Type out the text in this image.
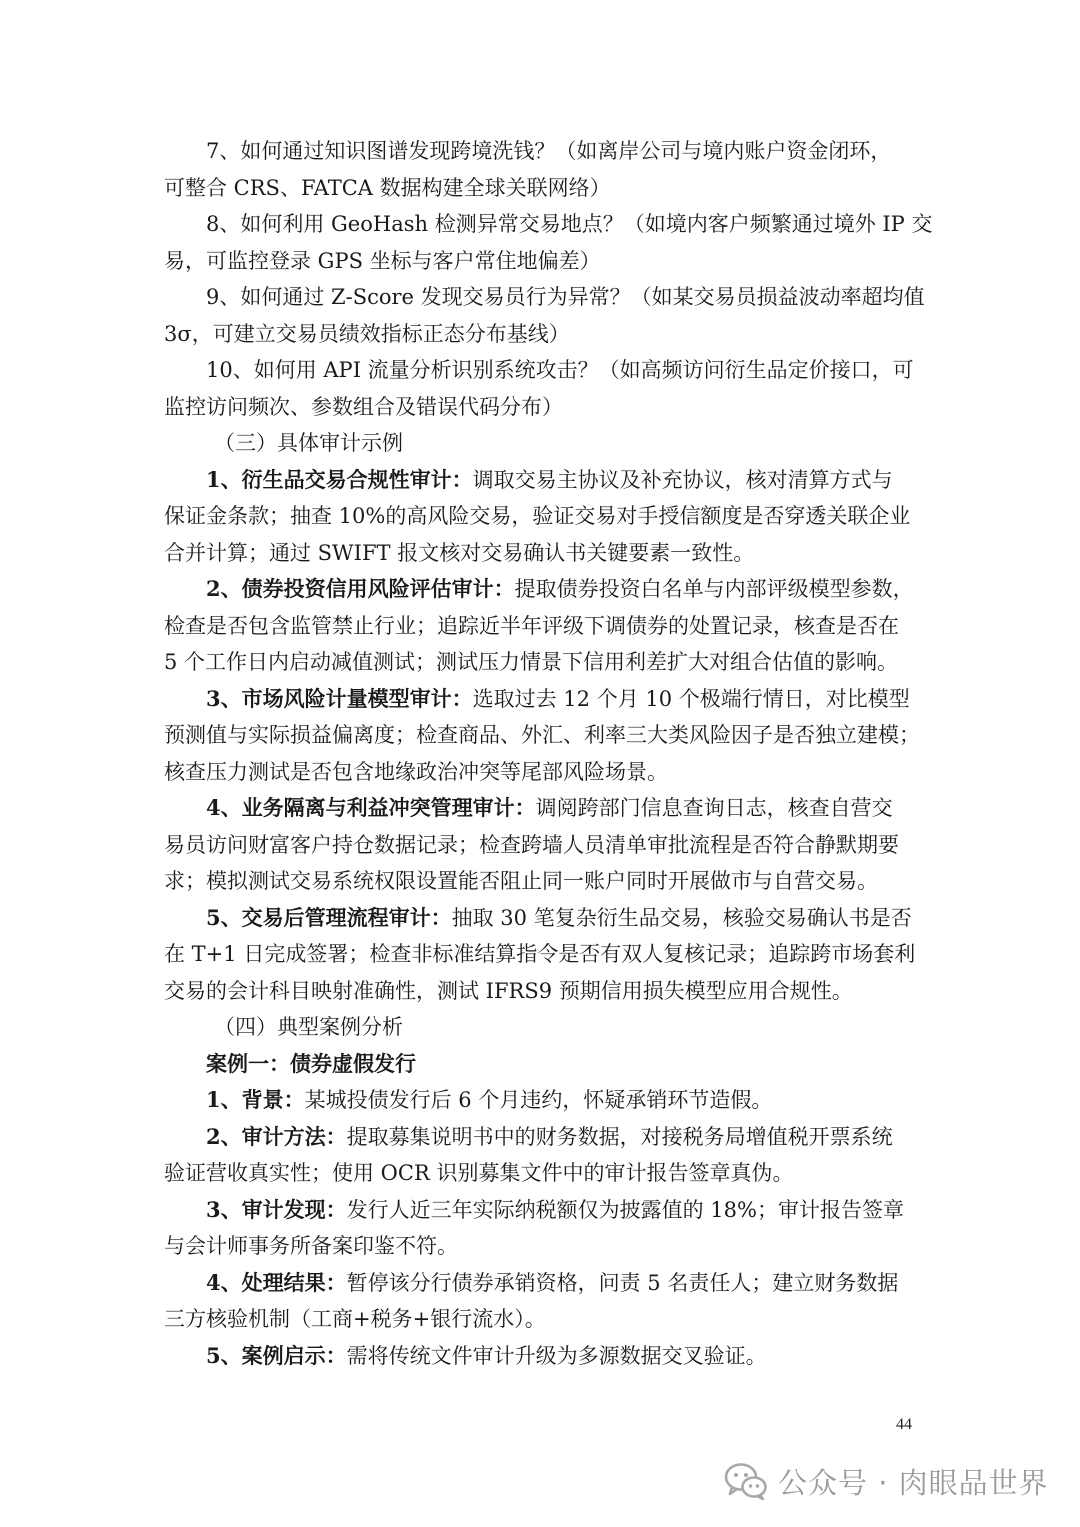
7、如何通过知识图谱发现跨境洗钱？（如离岸公司与境内账户资金闭环，
可整合 CRS、FATCA 数据构建全球关联网络）
8、如何利用 GeoHash 检测异常交易地点？（如境内客户频繁通过境外 IP 交
易，可监控登录 GPS 坐标与客户常住地偏差）
9、如何通过 Z-Score 发现交易员行为异常？（如某交易员损益波动率超均值
3σ，可建立交易员绩效指标正态分布基线）
10、如何用 API 流量分析识别系统攻击？（如高频访问衍生品定价接口，可
监控访问频次、参数组合及错误代码分布）
（三）具体审计示例
1、衍生品交易合规性审计：调取交易主协议及补充协议，核对清算方式与
保证金条款；抽查 10%的高风险交易，验证交易对手授信额度是否穿透关联企业
合并计算；通过 SWIFT 报文核对交易确认书关键要素一致性。
2、债券投资信用风险评估审计：提取债券投资白名单与内部评级模型参数，
检查是否包含监管禁止行业；追踪近半年评级下调债券的处置记录，核查是否在
5 个工作日内启动减值测试；测试压力情景下信用利差扩大对组合估值的影响。
3、市场风险计量模型审计：选取过去 12 个月 10 个极端行情日，对比模型
预测值与实际损益偏离度；检查商品、外汇、利率三大类风险因子是否独立建模；
核查压力测试是否包含地缘政治冲突等尾部风险场景。
4、业务隔离与利益冲突管理审计：调阅跨部门信息查询日志，核查自营交
易员访问财富客户持仓数据记录；检查跨墙人员清单审批流程是否符合静默期要
求；模拟测试交易系统权限设置能否阻止同一账户同时开展做市与自营交易。
5、交易后管理流程审计：抽取 30 笔复杂衍生品交易，核验交易确认书是否
在 T+1 日完成签署；检查非标准结算指令是否有双人复核记录；追踪跨市场套利
交易的会计科目映射准确性，测试 IFRS9 预期信用损失模型应用合规性。
（四）典型案例分析
案例一：债券虚假发行
1、背景：某城投债发行后 6 个月违约，怀疑承销环节造假。
2、审计方法：提取募集说明书中的财务数据，对接税务局增值税开票系统
验证营收真实性；使用 OCR 识别募集文件中的审计报告签章真伪。
3、审计发现：发行人近三年实际纳税额仅为披露值的 18%；审计报告签章
与会计师事务所备案印鉴不符。
4、处理结果：暂停该分行债券承销资格，问责 5 名责任人；建立财务数据
三方核验机制（工商+税务+银行流水）。
5、案例启示：需将传统文件审计升级为多源数据交叉验证。
44
公众号 · 肉眼品世界
